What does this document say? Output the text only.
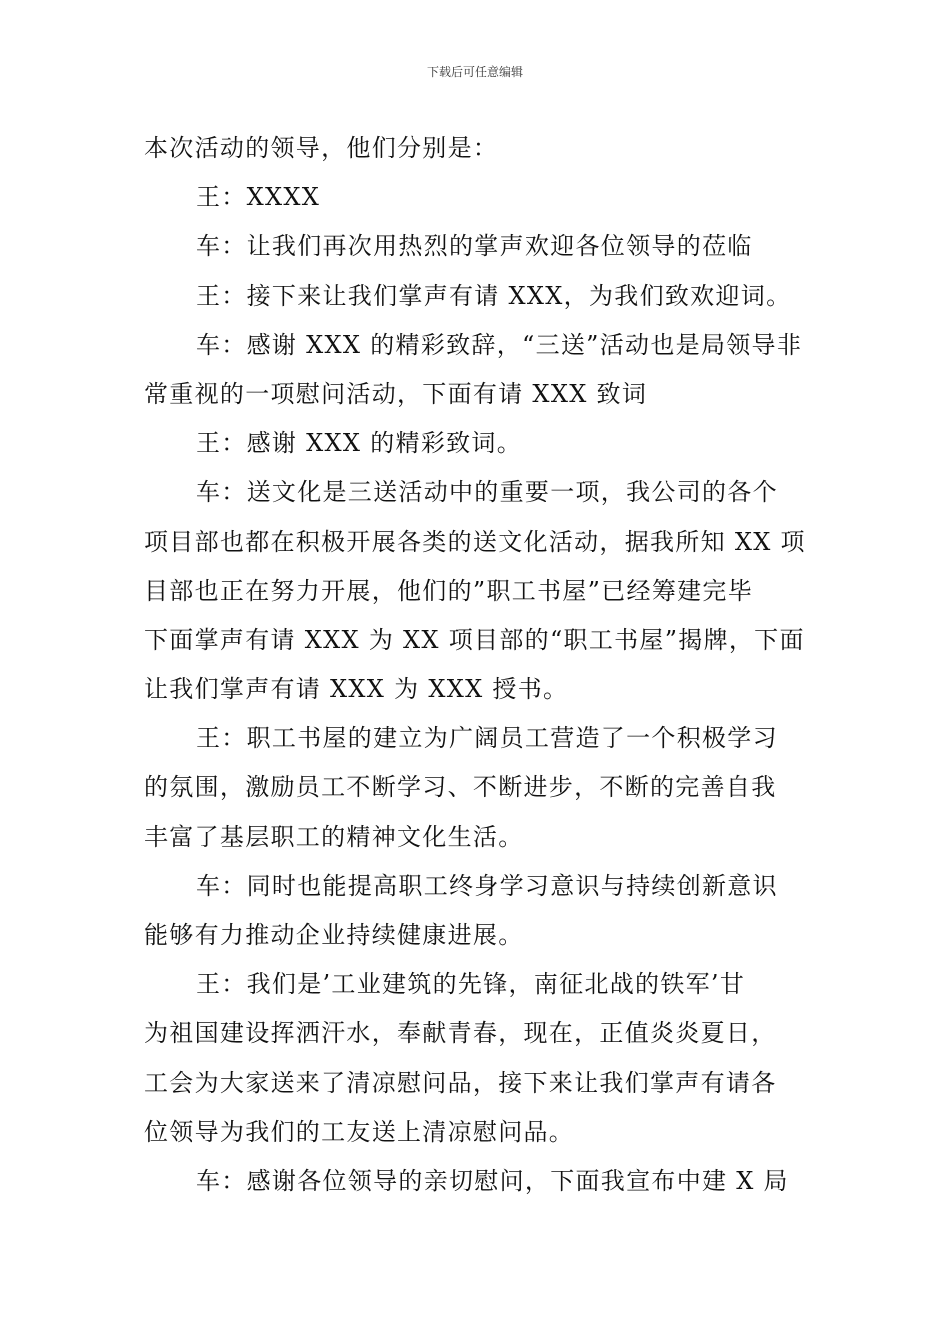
下载后可任意编辑
本次活动的领导，他们分别是：
王：XXXX
车：让我们再次用热烈的掌声欢迎各位领导的莅临
王：接下来让我们掌声有请 XXX，为我们致欢迎词。
车：感谢 XXX 的精彩致辞，“三送”活动也是局领导非
常重视的一项慰问活动，下面有请 XXX 致词
王：感谢 XXX 的精彩致词。
车：送文化是三送活动中的重要一项，我公司的各个
项目部也都在积极开展各类的送文化活动，据我所知 XX 项
目部也正在努力开展，他们的”职工书屋”已经筹建完毕
下面掌声有请 XXX 为 XX 项目部的“职工书屋”揭牌，下面
让我们掌声有请 XXX 为 XXX 授书。
王：职工书屋的建立为广阔员工营造了一个积极学习
的氛围，激励员工不断学习、不断进步，不断的完善自我
丰富了基层职工的精神文化生活。
车：同时也能提高职工终身学习意识与持续创新意识
能够有力推动企业持续健康进展。
王：我们是’工业建筑的先锋，南征北战的铁军’甘
为祖国建设挥洒汗水，奉献青春，现在，正值炎炎夏日，
工会为大家送来了清凉慰问品，接下来让我们掌声有请各
位领导为我们的工友送上清凉慰问品。
车：感谢各位领导的亲切慰问，下面我宣布中建 X 局
